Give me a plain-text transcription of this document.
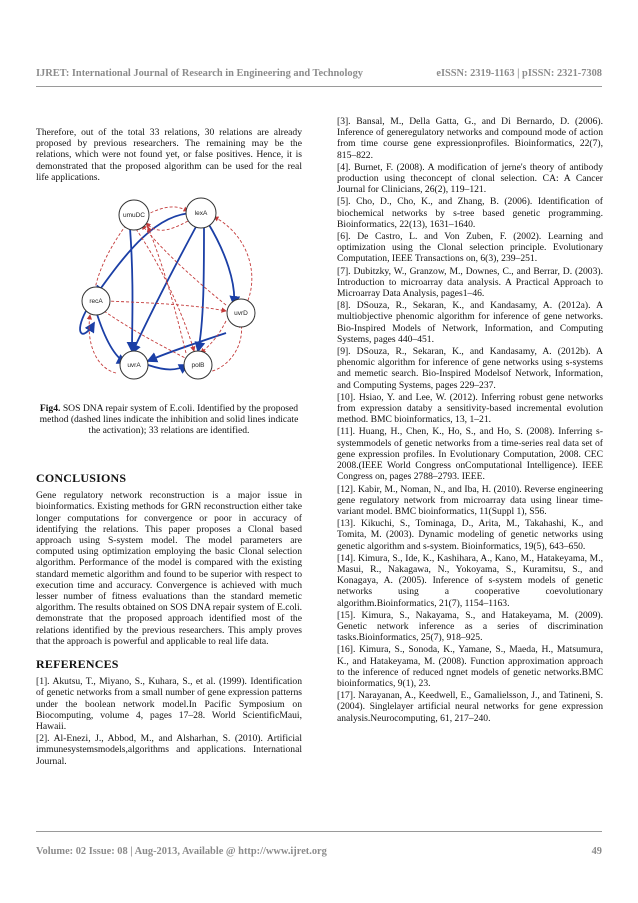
IJRET: International Journal of Research in Engineering and Technology	eISSN: 2319-1163 | pISSN: 2321-7308

Therefore, out of the total 33 relations, 30 relations are already proposed by previous researchers. The remaining may be the relations, which were not found yet, or false positives. Hence, it is demonstrated that the proposed algorithm can be used for the real life applications.

umuDC	lexA
recA
uvrD
uvrA	polB
Fig4. SOS DNA repair system of E.coli. Identified by the proposed method (dashed lines indicate the inhibition and solid lines indicate the activation); 33 relations are identified.
CONCLUSIONS

Gene regulatory network reconstruction is a major issue in bioinformatics. Existing methods for GRN reconstruction either take longer computations for convergence or poor in accuracy of identifying the relations. This paper proposes a Clonal based approach using S-system model. The model parameters are computed using optimization employing the basic Clonal selection algorithm. Performance of the model is compared with the existing standard memetic algorithm and found to be superior with respect to execution time and accuracy. Convergence is achieved with much lesser number of fitness evaluations than the standard memetic algorithm. The results obtained on SOS DNA repair system of E.coli. demonstrate that the proposed approach identified most of the relations identified by the previous researchers. This amply proves that the approach is powerful and applicable to real life data.

REFERENCES

[1]. Akutsu, T., Miyano, S., Kuhara, S., et al. (1999). Identification of genetic networks from a small number of gene expression patterns under the boolean network model.In Pacific Symposium on Biocomputing, volume 4, pages 17–28. World ScientificMaui, Hawaii.

[2]. Al-Enezi, J., Abbod, M., and Alsharhan, S. (2010). Artificial immunesystemsmodels,algorithms and applications. International Journal.

[3]. Bansal, M., Della Gatta, G., and Di Bernardo, D. (2006). Inference of generegulatory networks and compound mode of action from time course gene expressionprofiles. Bioinformatics, 22(7), 815–822.

[4]. Burnet, F. (2008). A modification of jerne's theory of antibody production using theconcept of clonal selection. CA: A Cancer Journal for Clinicians, 26(2), 119–121.

[5]. Cho, D., Cho, K., and Zhang, B. (2006). Identification of biochemical networks by s-tree based genetic programming. Bioinformatics, 22(13), 1631–1640.

[6]. De Castro, L. and Von Zuben, F. (2002). Learning and optimization using the Clonal selection principle. Evolutionary Computation, IEEE Transactions on, 6(3), 239–251.

[7]. Dubitzky, W., Granzow, M., Downes, C., and Berrar, D. (2003). Introduction to microarray data analysis. A Practical Approach to Microarray Data Analysis, pages1–46.

[8]. DSouza, R., Sekaran, K., and Kandasamy, A. (2012a). A multiobjective phenomic algorithm for inference of gene networks. Bio-Inspired Models of Network, Information, and Computing Systems, pages 440–451.

[9]. DSouza, R., Sekaran, K., and Kandasamy, A. (2012b). A phenomic algorithm for inference of gene networks using s-systems and memetic search. Bio-Inspired Modelsof Network, Information, and Computing Systems, pages 229–237.

[10]. Hsiao, Y. and Lee, W. (2012). Inferring robust gene networks from expression databy a sensitivity-based incremental evolution method. BMC bioinformatics, 13, 1–21.

[11]. Huang, H., Chen, K., Ho, S., and Ho, S. (2008). Inferring s-systemmodels of genetic networks from a time-series real data set of gene expression profiles. In Evolutionary Computation, 2008. CEC 2008.(IEEE World Congress onComputational Intelligence). IEEE Congress on, pages 2788–2793. IEEE.

[12]. Kabir, M., Noman, N., and Iba, H. (2010). Reverse engineering gene regulatory network from microarray data using linear time-variant model. BMC bioinformatics, 11(Suppl 1), S56.

[13]. Kikuchi, S., Tominaga, D., Arita, M., Takahashi, K., and Tomita, M. (2003). Dynamic modeling of genetic networks using genetic algorithm and s-system. Bioinformatics, 19(5), 643–650.

[14]. Kimura, S., Ide, K., Kashihara, A., Kano, M., Hatakeyama, M., Masui, R., Nakagawa, N., Yokoyama, S., Kuramitsu, S., and Konagaya, A. (2005). Inference of s-system models of genetic networks using a cooperative coevolutionary algorithm.Bioinformatics, 21(7), 1154–1163.

[15]. Kimura, S., Nakayama, S., and Hatakeyama, M. (2009). Genetic network inference as a series of discrimination tasks.Bioinformatics, 25(7), 918–925.

[16]. Kimura, S., Sonoda, K., Yamane, S., Maeda, H., Matsumura, K., and Hatakeyama, M. (2008). Function approximation approach to the inference of reduced ngnet models of genetic networks.BMC bioinformatics, 9(1), 23.

[17]. Narayanan, A., Keedwell, E., Gamalielsson, J., and Tatineni, S. (2004). Singlelayer artificial neural networks for gene expression analysis.Neurocomputing, 61, 217–240.

Volume: 02 Issue: 08 | Aug-2013, Available @ http://www.ijret.org	49
